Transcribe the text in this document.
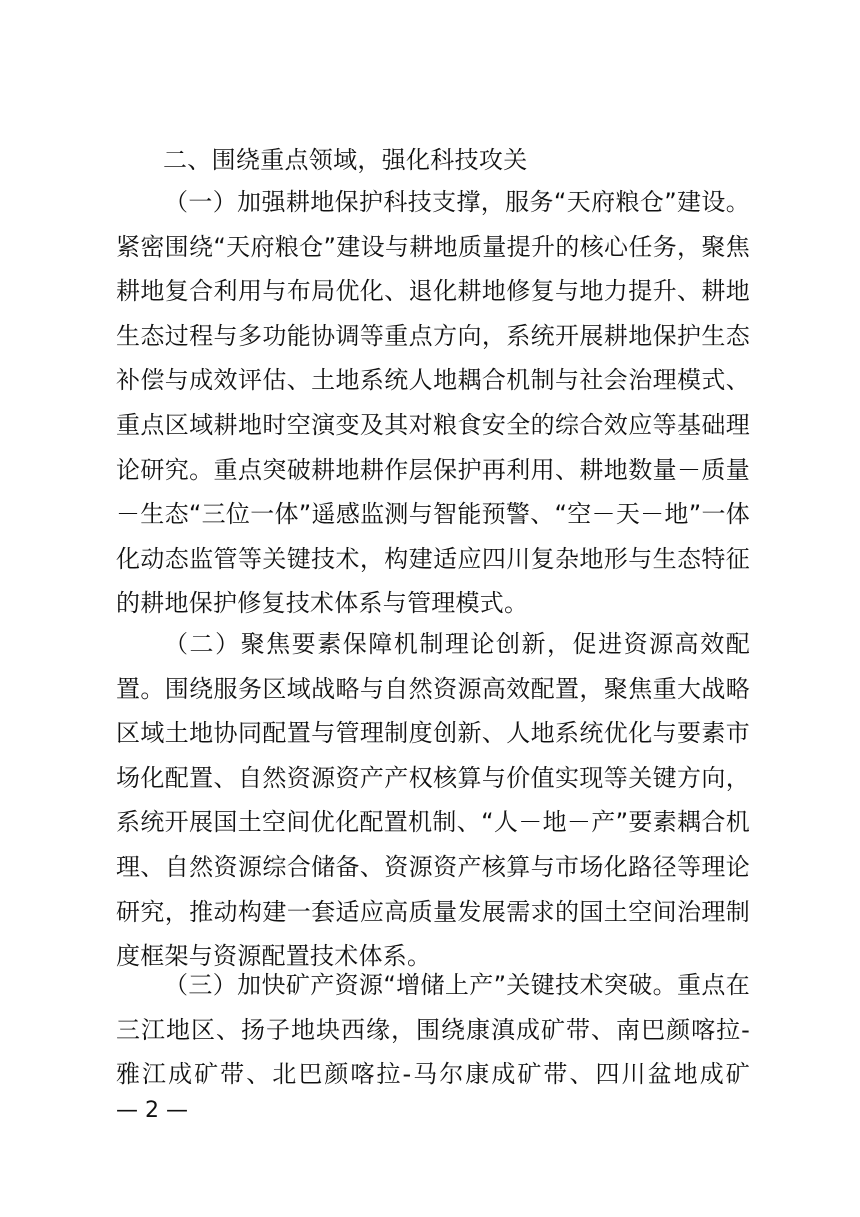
二、围绕重点领域，强化科技攻关

（一）加强耕地保护科技支撑，服务“天府粮仓”建设。紧密围绕“天府粮仓”建设与耕地质量提升的核心任务，聚焦耕地复合利用与布局优化、退化耕地修复与地力提升、耕地生态过程与多功能协调等重点方向，系统开展耕地保护生态补偿与成效评估、土地系统人地耦合机制与社会治理模式、重点区域耕地时空演变及其对粮食安全的综合效应等基础理论研究。重点突破耕地耕作层保护再利用、耕地数量－质量－生态“三位一体”遥感监测与智能预警、“空－天－地”一体化动态监管等关键技术，构建适应四川复杂地形与生态特征的耕地保护修复技术体系与管理模式。

（二）聚焦要素保障机制理论创新，促进资源高效配置。围绕服务区域战略与自然资源高效配置，聚焦重大战略区域土地协同配置与管理制度创新、人地系统优化与要素市场化配置、自然资源资产产权核算与价值实现等关键方向，系统开展国土空间优化配置机制、“人－地－产”要素耦合机理、自然资源综合储备、资源资产核算与市场化路径等理论研究，推动构建一套适应高质量发展需求的国土空间治理制度框架与资源配置技术体系。

（三）加快矿产资源“增储上产”关键技术突破。重点在三江地区、扬子地块西缘，围绕康滇成矿带、南巴颜喀拉-雅江成矿带、北巴颜喀拉-马尔康成矿带、四川盆地成矿

— 2 —
